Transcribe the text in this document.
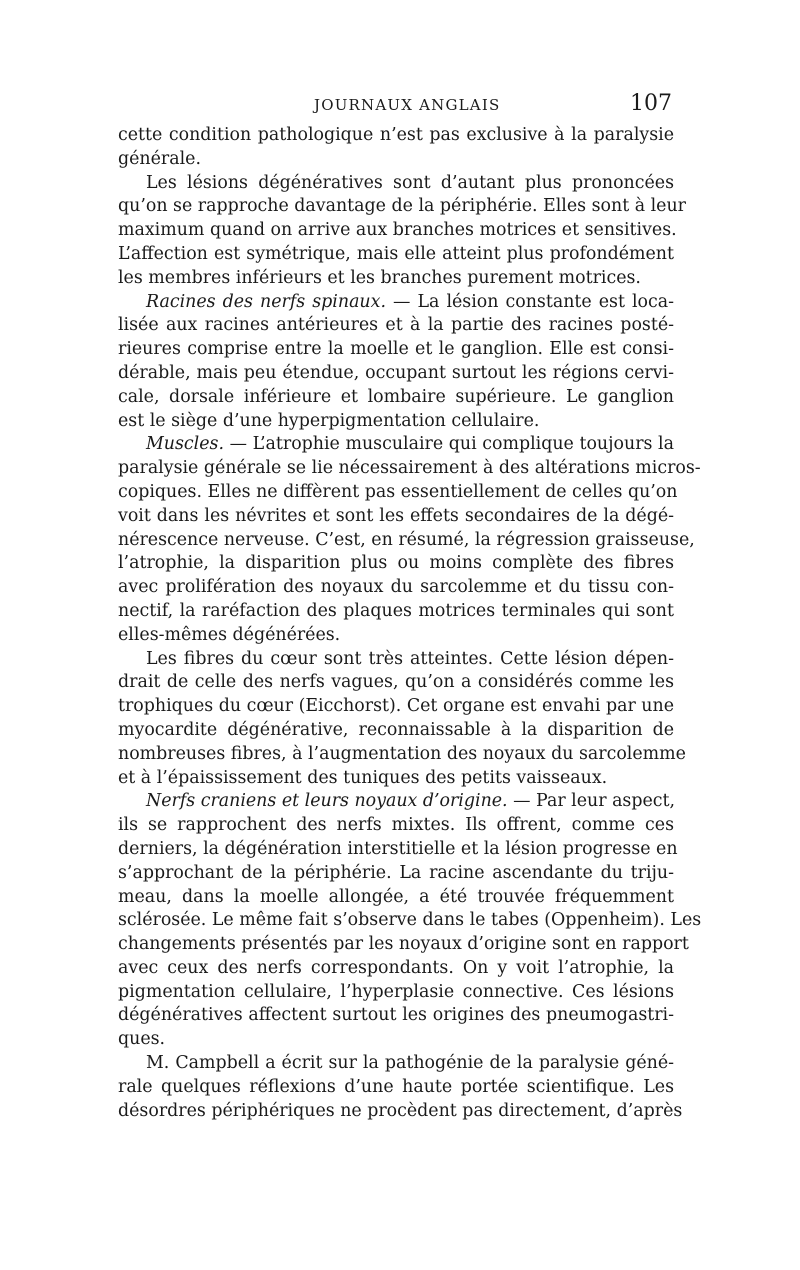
JOURNAUX ANGLAIS	107
cette condition pathologique n’est pas exclusive à la paralysie
générale.
Les lésions dégénératives sont d’autant plus prononcées
qu’on se rapproche davantage de la périphérie. Elles sont à leur
maximum quand on arrive aux branches motrices et sensitives.
L’affection est symétrique, mais elle atteint plus profondément
les membres inférieurs et les branches purement motrices.
Racines des nerfs spinaux. — La lésion constante est loca-
lisée aux racines antérieures et à la partie des racines posté-
rieures comprise entre la moelle et le ganglion. Elle est consi-
dérable, mais peu étendue, occupant surtout les régions cervi-
cale, dorsale inférieure et lombaire supérieure. Le ganglion
est le siège d’une hyperpigmentation cellulaire.
Muscles. — L’atrophie musculaire qui complique toujours la
paralysie générale se lie nécessairement à des altérations micros-
copiques. Elles ne diffèrent pas essentiellement de celles qu’on
voit dans les névrites et sont les effets secondaires de la dégé-
nérescence nerveuse. C’est, en résumé, la régression graisseuse,
l’atrophie, la disparition plus ou moins complète des fibres
avec prolifération des noyaux du sarcolemme et du tissu con-
nectif, la raréfaction des plaques motrices terminales qui sont
elles-mêmes dégénérées.
Les fibres du cœur sont très atteintes. Cette lésion dépen-
drait de celle des nerfs vagues, qu’on a considérés comme les
trophiques du cœur (Eicchorst). Cet organe est envahi par une
myocardite dégénérative, reconnaissable à la disparition de
nombreuses fibres, à l’augmentation des noyaux du sarcolemme
et à l’épaississement des tuniques des petits vaisseaux.
Nerfs craniens et leurs noyaux d’origine. — Par leur aspect,
ils se rapprochent des nerfs mixtes. Ils offrent, comme ces
derniers, la dégénération interstitielle et la lésion progresse en
s’approchant de la périphérie. La racine ascendante du triju-
meau, dans la moelle allongée, a été trouvée fréquemment
sclérosée. Le même fait s’observe dans le tabes (Oppenheim). Les
changements présentés par les noyaux d’origine sont en rapport
avec ceux des nerfs correspondants. On y voit l’atrophie, la
pigmentation cellulaire, l’hyperplasie connective. Ces lésions
dégénératives affectent surtout les origines des pneumogastri-
ques.
M. Campbell a écrit sur la pathogénie de la paralysie géné-
rale quelques réflexions d’une haute portée scientifique. Les
désordres périphériques ne procèdent pas directement, d’après
